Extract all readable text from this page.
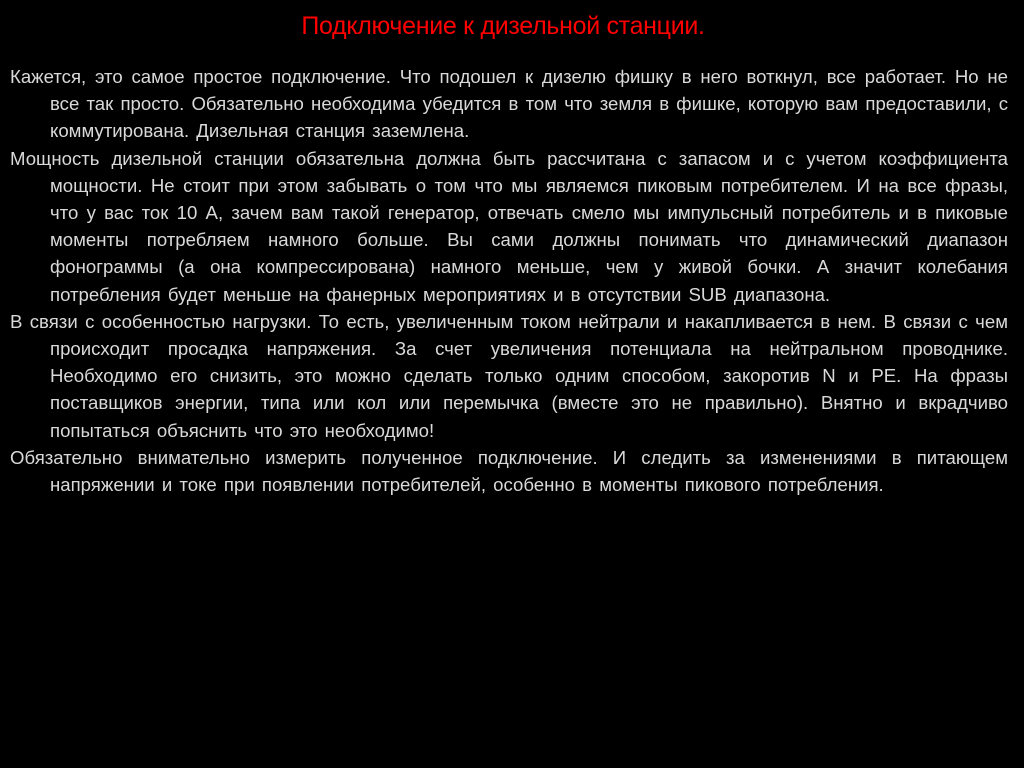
Подключение к дизельной станции.

Кажется, это самое простое подключение. Что подошел к дизелю фишку в него воткнул, все работает. Но не все так просто. Обязательно необходима убедится в том что земля в фишке, которую вам предоставили, с коммутирована. Дизельная станция заземлена.

Мощность дизельной станции обязательна должна быть рассчитана с запасом и с учетом коэффициента мощности. Не стоит при этом забывать о том что мы являемся пиковым потребителем. И на все фразы, что у вас ток 10 А, зачем вам такой генератор, отвечать смело мы импульсный потребитель и в пиковые моменты потребляем намного больше. Вы сами должны понимать что динамический диапазон фонограммы (а она компрессирована) намного меньше, чем у живой бочки. А значит колебания потребления будет меньше на фанерных мероприятиях и в отсутствии SUB диапазона.

В связи с особенностью нагрузки. То есть, увеличенным током нейтрали и накапливается в нем. В связи с чем происходит просадка напряжения. За счет увеличения потенциала на нейтральном проводнике. Необходимо его снизить, это можно сделать только одним способом, закоротив N и PE. На фразы поставщиков энергии, типа или кол или перемычка (вместе это не правильно). Внятно и вкрадчиво попытаться объяснить что это необходимо!

Обязательно внимательно измерить полученное подключение. И следить за изменениями в питающем напряжении и токе при появлении потребителей, особенно в моменты пикового потребления.
